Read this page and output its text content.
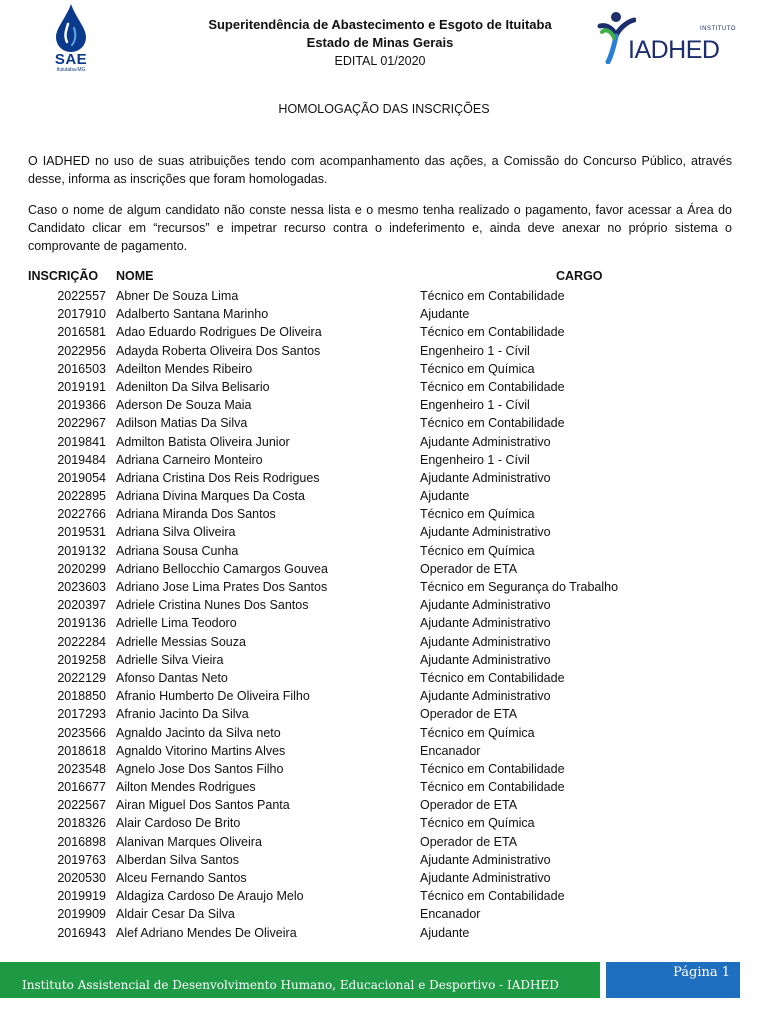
SAE
Ituiutaba-MG
Superitendência de Abastecimento e Esgoto de Ituitaba
Estado de Minas Gerais
EDITAL 01/2020
INSTITUTO
IADHED
HOMOLOGAÇÃO DAS INSCRIÇÕES

O IADHED no uso de suas atribuições tendo com acompanhamento das ações, a Comissão do Concurso Público, através desse, informa as inscrições que foram homologadas.

Caso o nome de algum candidato não conste nessa lista e o mesmo tenha realizado o pagamento, favor acessar a Área do Candidato clicar em “recursos” e impetrar recurso contra o indeferimento e, ainda deve anexar no próprio sistema o comprovante de pagamento.

INSCRIÇÃO NOME	CARGO
2022557 Abner De Souza Lima	Técnico em Contabilidade
2017910 Adalberto Santana Marinho	Ajudante
2016581 Adao Eduardo Rodrigues De Oliveira	Técnico em Contabilidade
2022956 Adayda Roberta Oliveira Dos Santos	Engenheiro 1 - Cívil
2016503 Adeilton Mendes Ribeiro	Técnico em Química
2019191 Adenilton Da Silva Belisario	Técnico em Contabilidade
2019366 Aderson De Souza Maia	Engenheiro 1 - Cívil
2022967 Adilson Matias Da Silva	Técnico em Contabilidade
2019841 Admilton Batista Oliveira Junior	Ajudante Administrativo
2019484 Adriana Carneiro Monteiro	Engenheiro 1 - Cívil
2019054 Adriana Cristina Dos Reis Rodrigues	Ajudante Administrativo
2022895 Adriana Divina Marques Da Costa	Ajudante
2022766 Adriana Miranda Dos Santos	Técnico em Química
2019531 Adriana Silva Oliveira	Ajudante Administrativo
2019132 Adriana Sousa Cunha	Técnico em Química
2020299 Adriano Bellocchio Camargos Gouvea	Operador de ETA
2023603 Adriano Jose Lima Prates Dos Santos	Técnico em Segurança do Trabalho
2020397 Adriele Cristina Nunes Dos Santos	Ajudante Administrativo
2019136 Adrielle Lima Teodoro	Ajudante Administrativo
2022284 Adrielle Messias Souza	Ajudante Administrativo
2019258 Adrielle Silva Vieira	Ajudante Administrativo
2022129 Afonso Dantas Neto	Técnico em Contabilidade
2018850 Afranio Humberto De Oliveira Filho	Ajudante Administrativo
2017293 Afranio Jacinto Da Silva	Operador de ETA
2023566 Agnaldo Jacinto da Silva neto	Técnico em Química
2018618 Agnaldo Vitorino Martins Alves	Encanador
2023548 Agnelo Jose Dos Santos Filho	Técnico em Contabilidade
2016677 Ailton Mendes Rodrigues	Técnico em Contabilidade
2022567 Airan Miguel Dos Santos Panta	Operador de ETA
2018326 Alair Cardoso De Brito	Técnico em Química
2016898 Alanivan Marques Oliveira	Operador de ETA
2019763 Alberdan Silva Santos	Ajudante Administrativo
2020530 Alceu Fernando Santos	Ajudante Administrativo
2019919 Aldagiza Cardoso De Araujo Melo	Técnico em Contabilidade
2019909 Aldair Cesar Da Silva	Encanador
2016943 Alef Adriano Mendes De Oliveira	Ajudante
Instituto Assistencial de Desenvolvimento Humano, Educacional e Desportivo - IADHED
Página 1
